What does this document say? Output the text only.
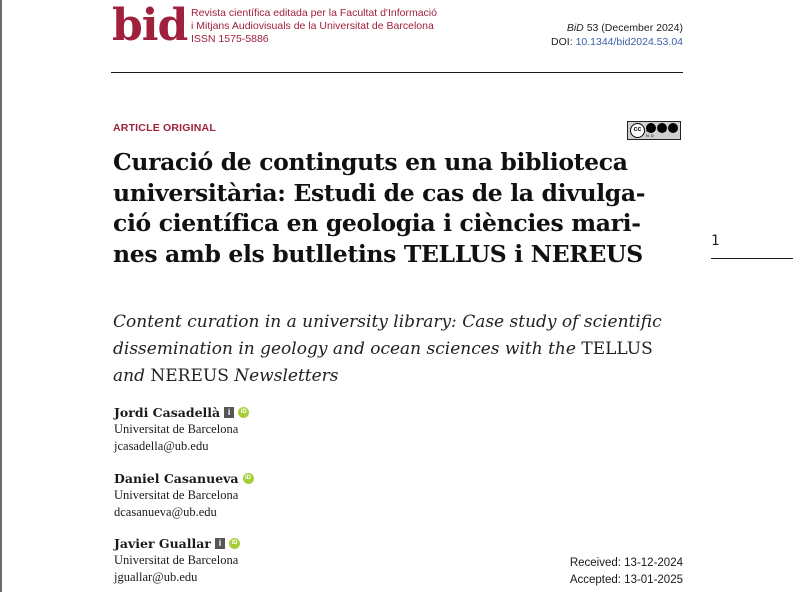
bid Revista científica editada per la Facultat d'Informació
i Mitjans Audiovisuals de la Universitat de Barcelona
ISSN 1575-5886
BiD 53 (December 2024)
DOI: 10.1344/bid2024.53.04
ARTICLE ORIGINAL	cc	BY NC ND
Curació de continguts en una biblioteca
universitària: Estudi de cas de la divulga-
ció científica en geologia i ciències mari-
nes amb els butlletins TELLUS i NEREUS
Content curation in a university library: Case study of scientific
dissemination in geology and ocean sciences with the TELLUS
and NEREUS Newsletters
1
Jordi Casadellà i	iD
Universitat de Barcelona
jcasadella@ub.edu
Daniel Casanueva	iD
Universitat de Barcelona
dcasanueva@ub.edu
Javier Guallar i	iD
Universitat de Barcelona
jguallar@ub.edu
Received: 13-12-2024
Accepted: 13-01-2025
